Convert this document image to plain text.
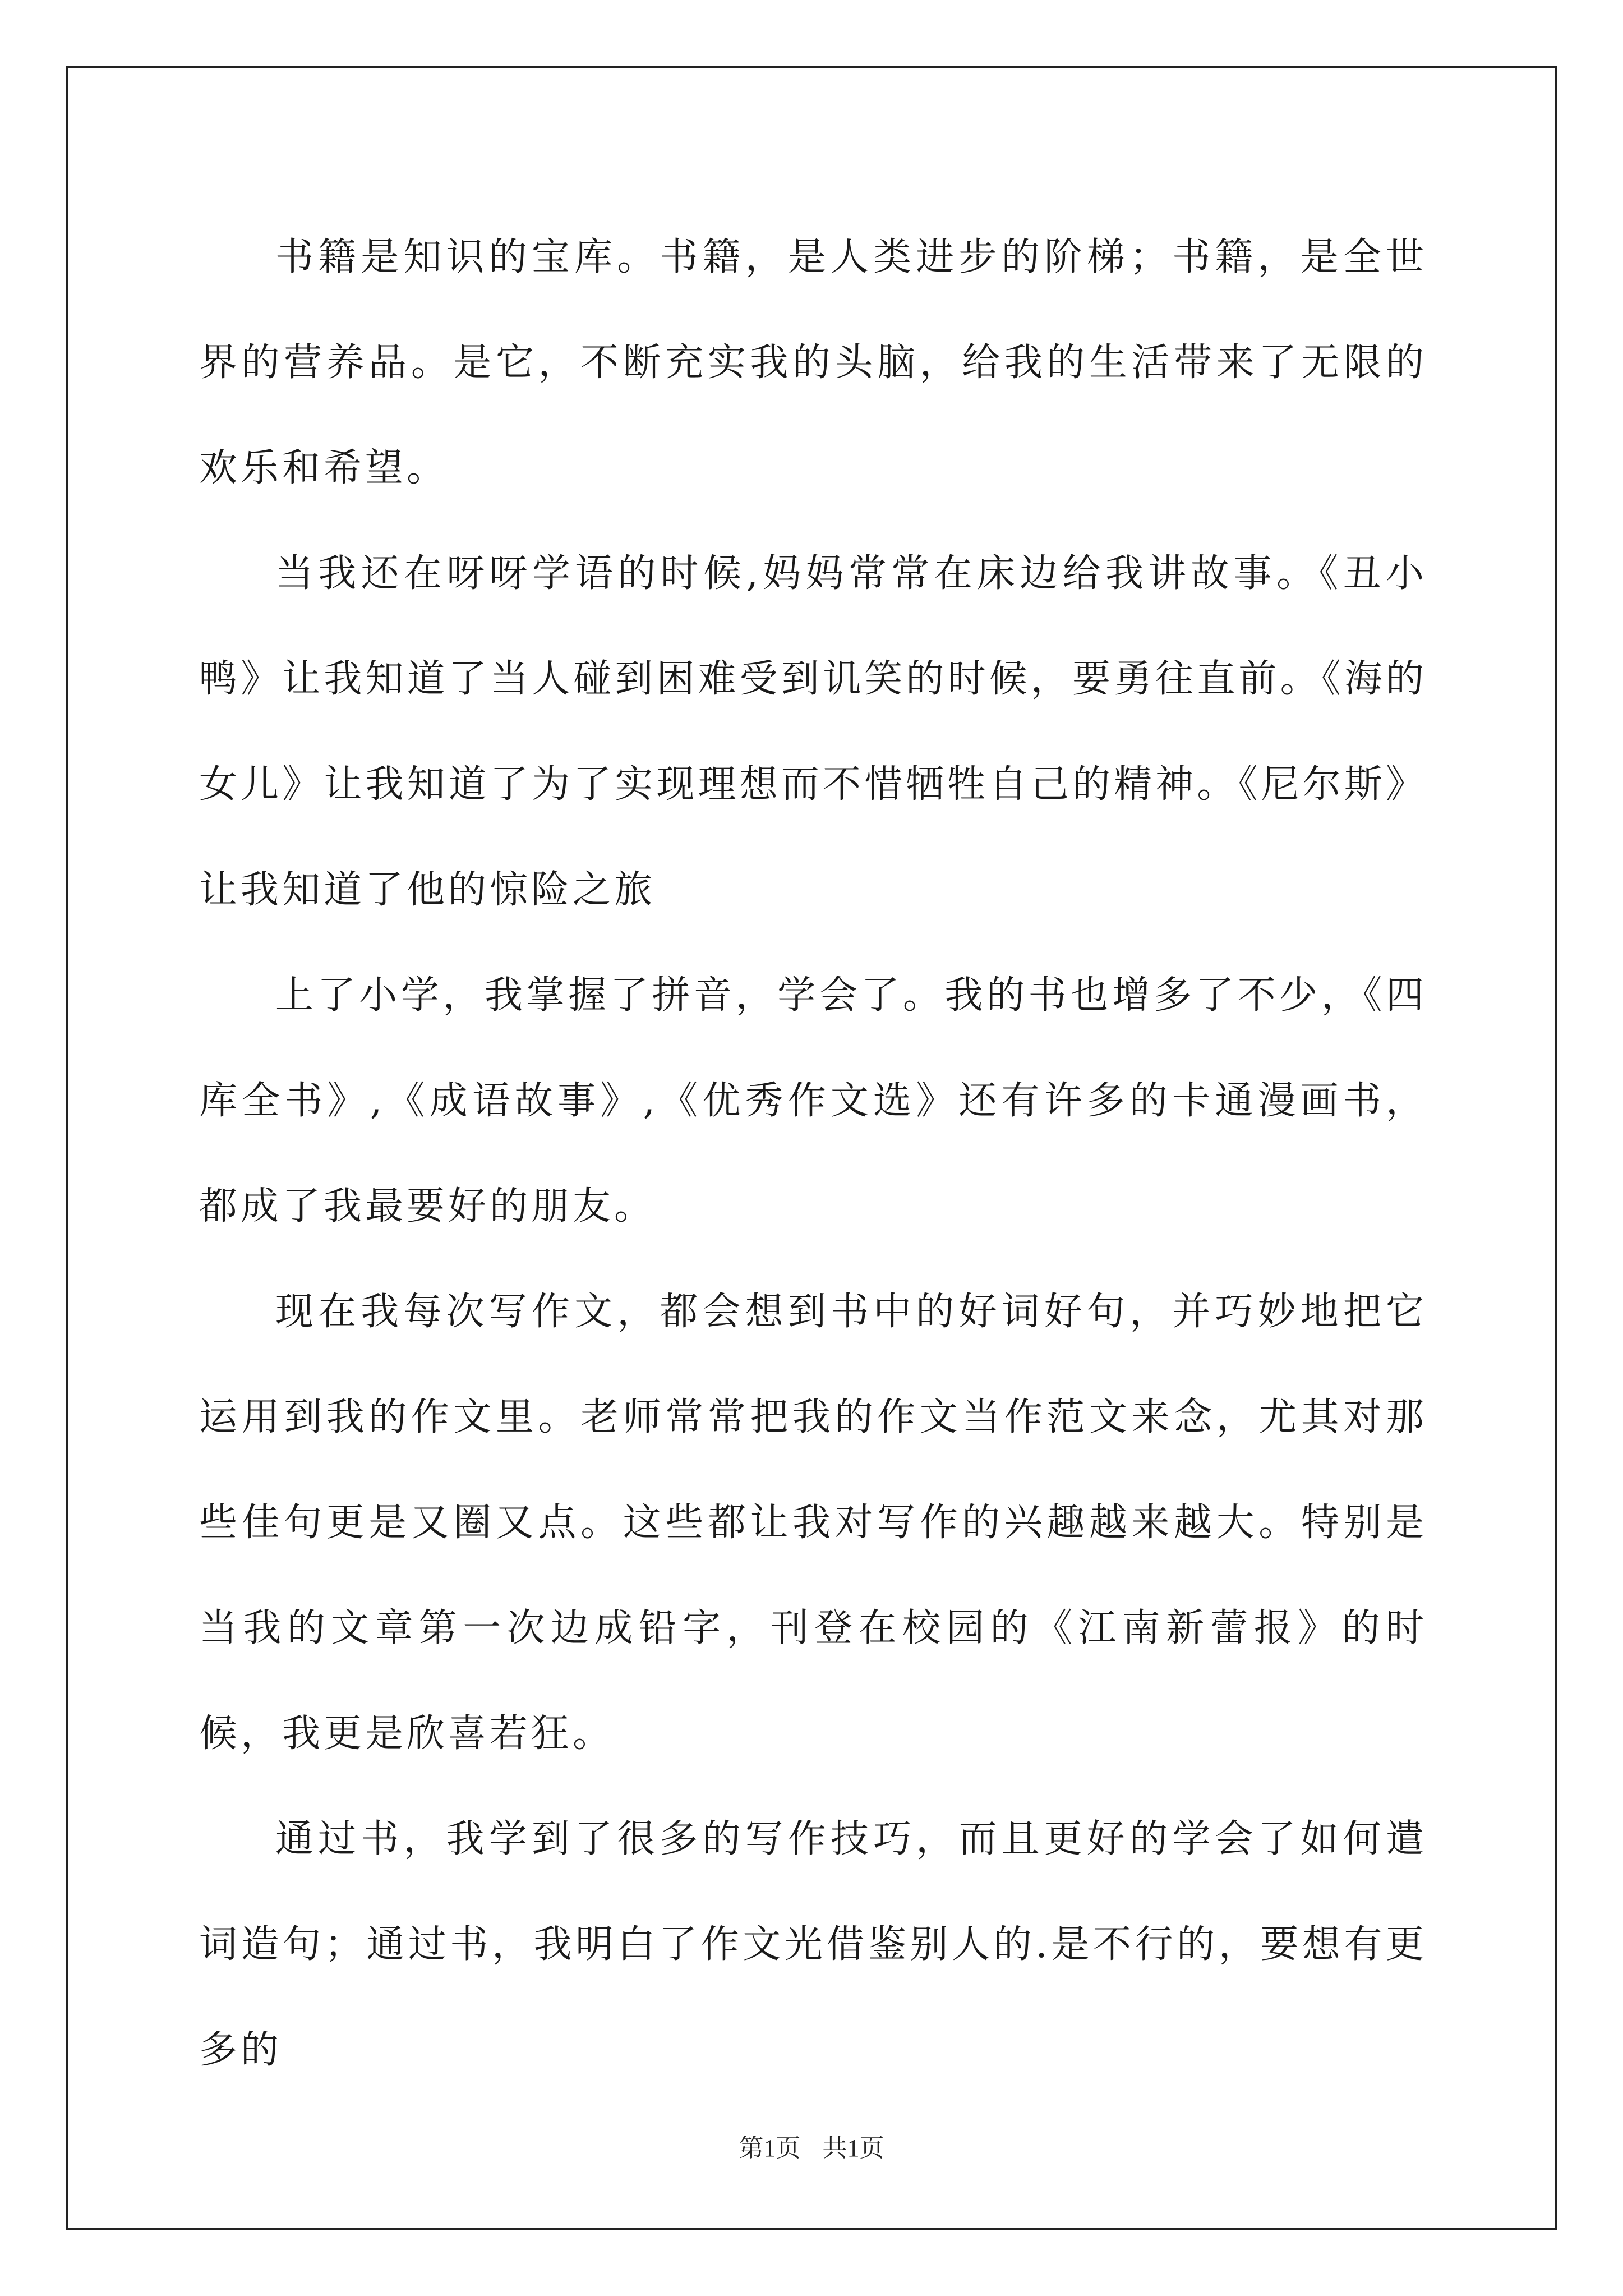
书籍是知识的宝库。书籍，是人类进步的阶梯；书籍，是全世界的营养品。是它，不断充实我的头脑，给我的生活带来了无限的欢乐和希望。

当我还在呀呀学语的时候,妈妈常常在床边给我讲故事。《丑小鸭》让我知道了当人碰到困难受到讥笑的时候，要勇往直前。《海的女儿》让我知道了为了实现理想而不惜牺牲自己的精神。《尼尔斯》让我知道了他的惊险之旅

上了小学，我掌握了拼音，学会了。我的书也增多了不少，《四库全书》,《成语故事》,《优秀作文选》还有许多的卡通漫画书，都成了我最要好的朋友。

现在我每次写作文，都会想到书中的好词好句，并巧妙地把它运用到我的作文里。老师常常把我的作文当作范文来念，尤其对那些佳句更是又圈又点。这些都让我对写作的兴趣越来越大。特别是当我的文章第一次边成铅字，刊登在校园的《江南新蕾报》的时候，我更是欣喜若狂。

通过书，我学到了很多的写作技巧，而且更好的学会了如何遣词造句；通过书，我明白了作文光借鉴别人的.是不行的，要想有更多的

第1页 共1页
